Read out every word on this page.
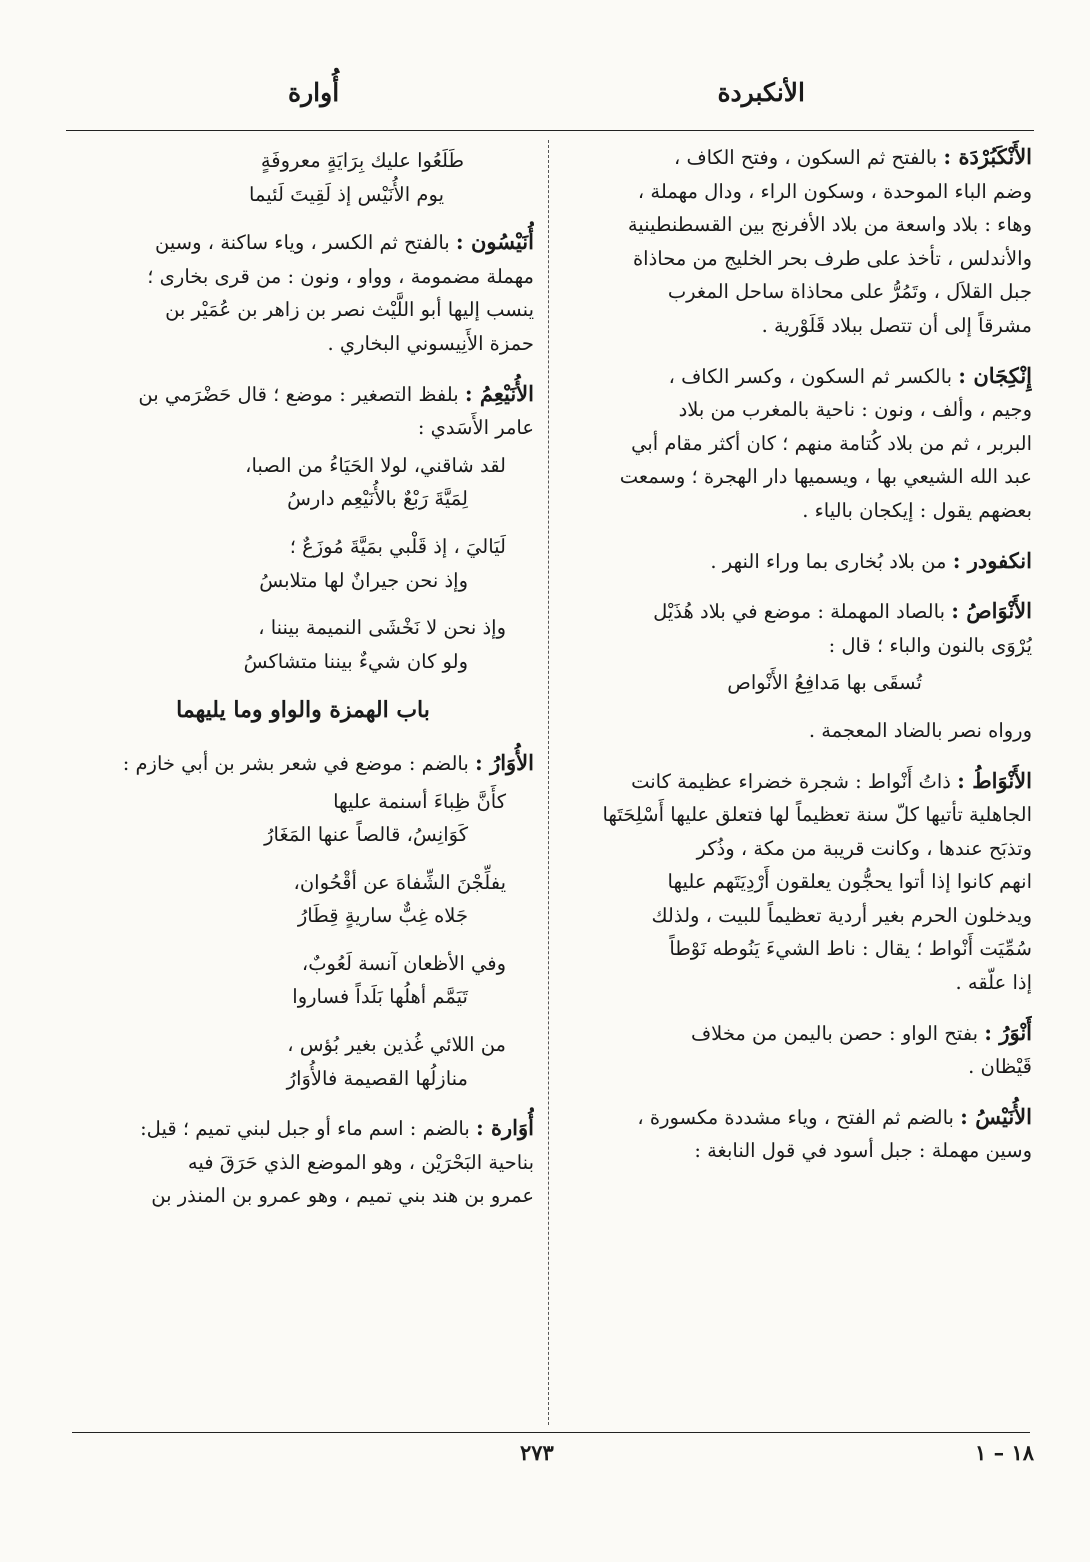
الأنكبردة
أُوارة

الأَنْكَبُرْدَة : بالفتح ثم السكون ، وفتح الكاف ،

وضم الباء الموحدة ، وسكون الراء ، ودال مهملة ،

وهاء : بلاد واسعة من بلاد الأفرنج بين القسطنطينية

والأندلس ، تأخذ على طرف بحر الخليج من محاذاة

جبل القلاَل ، وتَمُرُّ على محاذاة ساحل المغرب

مشرقاً إلى أن تتصل ببلاد قَلَوْرية .

إِنْكِجَان : بالكسر ثم السكون ، وكسر الكاف ،

وجيم ، وألف ، ونون : ناحية بالمغرب من بلاد

البربر ، ثم من بلاد كُتامة منهم ؛ كان أكثر مقام أبي

عبد الله الشيعي بها ، ويسميها دار الهجرة ؛ وسمعت

بعضهم يقول : إيكجان بالياء .

انكفودر : من بلاد بُخارى بما وراء النهر .

الأَنْوَاصُ : بالصاد المهملة : موضع في بلاد هُذَيْل

يُرْوَى بالنون والباء ؛ قال :

تُسقَى بها مَدافِعُ الأَنْواص

ورواه نصر بالضاد المعجمة .

الأَنْوَاطُ : ذاتُ أَنْواط : شجرة خضراء عظيمة كانت

الجاهلية تأتيها كلّ سنة تعظيماً لها فتعلق عليها أَسْلِحَتَها

وتذبَح عندها ، وكانت قريبة من مكة ، وذُكر

انهم كانوا إذا أتوا يحجُّون يعلقون أَرْدِيَتَهم عليها

ويدخلون الحرم بغير أردية تعظيماً للبيت ، ولذلك

سُمِّيَت أَنْواط ؛ يقال : ناط الشيءَ يَنُوطه نَوْطاً

إذا علّقه .

أَنْوَرُ : بفتح الواو : حصن باليمن من مخلاف

قَيْظان .

الأُنَيْسُ : بالضم ثم الفتح ، وياء مشددة مكسورة ،

وسين مهملة : جبل أسود في قول النابغة :

طَلَعُوا عليك بِرَايَةٍ معروفَةٍ
يوم الأُنَيْس إذ لَقِيتَ لَئيما

أُنَيْسُون : بالفتح ثم الكسر ، وياء ساكنة ، وسين

مهملة مضمومة ، وواو ، ونون : من قرى بخارى ؛

ينسب إليها أبو اللَّيْث نصر بن زاهر بن عُمَيْر بن

حمزة الأَنِيسوني البخاري .

الأُنَيْعِمُ : بلفظ التصغير : موضع ؛ قال حَضْرَمي بن

عامر الأَسَدي :

لقد شاقني، لولا الحَيَاءُ من الصبا،
لِمَيَّةَ رَبْعٌ بالأُنَيْعِم دارسُ
لَيَاليَ ، إذ قَلْبي بمَيَّةَ مُوزَعٌ ؛
وإذ نحن جيرانٌ لها متلابسُ
وإذ نحن لا نَخْشَى النميمة بيننا ،
ولو كان شيءٌ بيننا متشاكسُ
باب الهمزة والواو وما يليهما

الأُوَارُ : بالضم : موضع في شعر بشر بن أبي خازم :

كأَنَّ ظِباءَ أسنمة عليها
كَوَانِسُ، قالصاً عنها المَغَارُ
يفلِّجْنَ الشِّفاهَ عن أقْحُوان،
جَلاه غِبٌّ ساريةٍ قِطَارُ
وفي الأظعان آنسة لَعُوبٌ،
تَيَمَّم أهلُها بَلَداً فساروا
من اللائي غُذين بغير بُؤس ،
منازلُها القصيمة فالأُوَارُ

أُوَارة : بالضم : اسم ماء أو جبل لبني تميم ؛ قيل:

بناحية البَحْرَيْن ، وهو الموضع الذي حَرَقَ فيه

عمرو بن هند بني تميم ، وهو عمرو بن المنذر بن

٢٧٣	١٨ – ١
